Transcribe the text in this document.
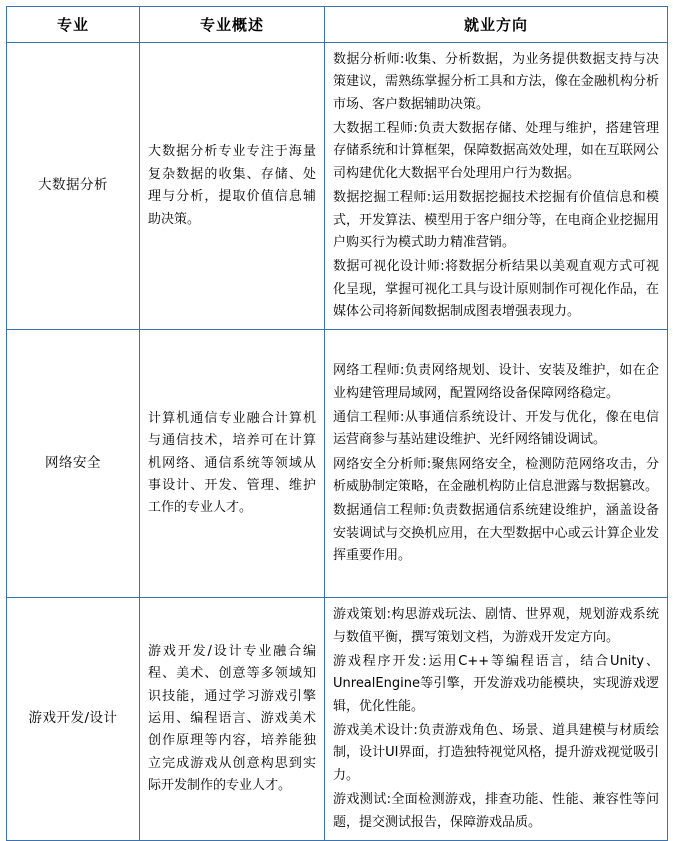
专业	专业概述	就业方向
大数据分析	大数据分析专业专注于海量复杂数据的收集、存储、处理与分析，提取价值信息辅助决策。	数据分析师:收集、分析数据，为业务提供数据支持与决策建议，需熟练掌握分析工具和方法，像在金融机构分析市场、客户数据辅助决策。

大数据工程师:负责大数据存储、处理与维护，搭建管理存储系统和计算框架，保障数据高效处理，如在互联网公司构建优化大数据平台处理用户行为数据。

数据挖掘工程师:运用数据挖掘技术挖掘有价值信息和模式，开发算法、模型用于客户细分等，在电商企业挖掘用户购买行为模式助力精准营销。

数据可视化设计师:将数据分析结果以美观直观方式可视化呈现，掌握可视化工具与设计原则制作可视化作品，在媒体公司将新闻数据制成图表增强表现力。

网络安全	计算机通信专业融合计算机与通信技术，培养可在计算机网络、通信系统等领域从事设计、开发、管理、维护工作的专业人才。	网络工程师:负责网络规划、设计、安装及维护，如在企业构建管理局域网，配置网络设备保障网络稳定。

通信工程师:从事通信系统设计、开发与优化，像在电信运营商参与基站建设维护、光纤网络铺设调试。

网络安全分析师:聚焦网络安全，检测防范网络攻击，分析威胁制定策略，在金融机构防止信息泄露与数据篡改。

数据通信工程师:负责数据通信系统建设维护，涵盖设备安装调试与交换机应用，在大型数据中心或云计算企业发挥重要作用。

游戏开发/设计	游戏开发/设计专业融合编程、美术、创意等多领域知识技能，通过学习游戏引擎运用、编程语言、游戏美术创作原理等内容，培养能独立完成游戏从创意构思到实际开发制作的专业人才。	游戏策划:构思游戏玩法、剧情、世界观，规划游戏系统与数值平衡，撰写策划文档，为游戏开发定方向。

游戏程序开发:运用C++等编程语言，结合Unity、UnrealEngine等引擎，开发游戏功能模块，实现游戏逻辑，优化性能。

游戏美术设计:负责游戏角色、场景、道具建模与材质绘制，设计UI界面，打造独特视觉风格，提升游戏视觉吸引力。

游戏测试:全面检测游戏，排查功能、性能、兼容性等问题，提交测试报告，保障游戏品质。
